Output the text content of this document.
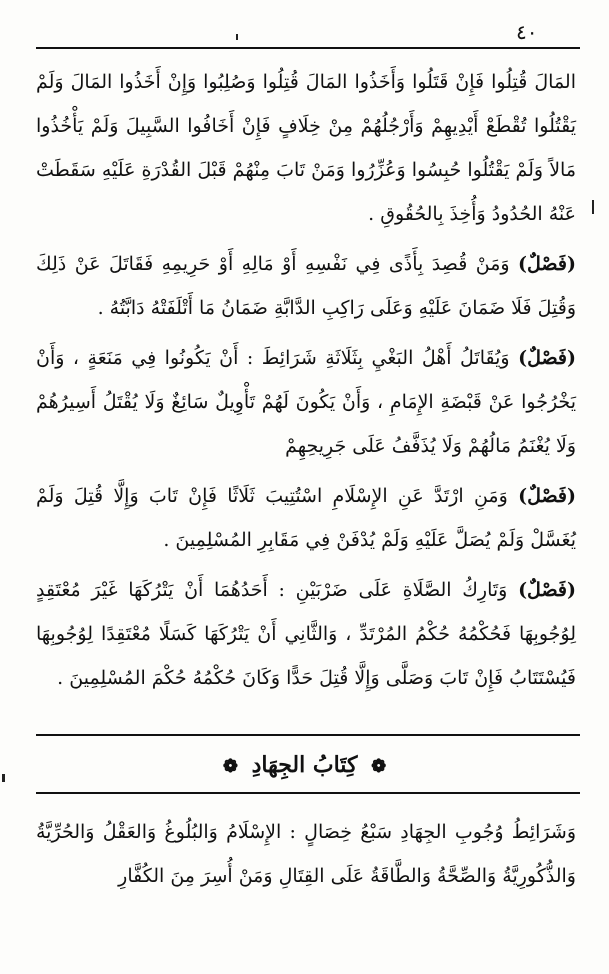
٤٠

المَالَ قُتِلُوا فَإِنْ قَتَلُوا وَأَخَذُوا المَالَ قُتِلُوا وَصُلِبُوا وَإِنْ أَخَذُوا المَالَ وَلَمْ يَقْتُلُوا تُقْطَعْ أَيْدِيهِمْ وَأَرْجُلُهُمْ مِنْ خِلَافٍ فَإِنْ أَخَافُوا السَّبِيلَ وَلَمْ يَأْخُذُوا مَالاً وَلَمْ يَقْتُلُوا حُبِسُوا وَعُزِّرُوا وَمَنْ تَابَ مِنْهُمْ قَبْلَ القُدْرَةِ عَلَيْهِ سَقَطَتْ عَنْهُ الحُدُودُ وَأُخِذَ بِالحُقُوقِ .

(فَصْلٌ) وَمَنْ قُصِدَ بِأَذًى فِي نَفْسِهِ أَوْ مَالِهِ أَوْ حَرِيمِهِ فَقَاتَلَ عَنْ ذَلِكَ وَقُتِلَ فَلَا ضَمَانَ عَلَيْهِ وَعَلَى رَاكِبِ الدَّابَّةِ ضَمَانُ مَا أَتْلَفَتْهُ دَابَّتُهُ .

(فَصْلٌ) وَيُقَاتَلُ أَهْلُ البَغْيِ بِثَلَاثَةِ شَرَائِطَ : أَنْ يَكُونُوا فِي مَنَعَةٍ ، وَأَنْ يَخْرُجُوا عَنْ قَبْضَةِ الإِمَامِ ، وَأَنْ يَكُونَ لَهُمْ تَأْوِيلٌ سَائِغٌ وَلَا يُقْتَلُ أَسِيرُهُمْ وَلَا يُغْنَمُ مَالُهُمْ وَلَا يُذَفَّفُ عَلَى جَرِيحِهِمْ

(فَصْلٌ) وَمَنِ ارْتَدَّ عَنِ الإِسْلَامِ اسْتُتِيبَ ثَلَاثًا فَإِنْ تَابَ وَإِلَّا قُتِلَ وَلَمْ يُغَسَّلْ وَلَمْ يُصَلَّ عَلَيْهِ وَلَمْ يُدْفَنْ فِي مَقَابِرِ المُسْلِمِينَ .

(فَصْلٌ) وَتَارِكُ الصَّلَاةِ عَلَى ضَرْبَيْنِ : أَحَدُهُمَا أَنْ يَتْرُكَهَا غَيْرَ مُعْتَقِدٍ لِوُجُوبِهَا فَحُكْمُهُ حُكْمُ المُرْتَدِّ ، وَالثَّانِي أَنْ يَتْرُكَهَا كَسَلًا مُعْتَقِدًا لِوُجُوبِهَا فَيُسْتَتَابُ فَإِنْ تَابَ وَصَلَّى وَإِلَّا قُتِلَ حَدًّا وَكَانَ حُكْمُهُ حُكْمَ المُسْلِمِينَ .

❁ كِتَابُ الجِهَادِ ❁

وَشَرَائِطُ وُجُوبِ الجِهَادِ سَبْعُ خِصَالٍ : الإِسْلَامُ وَالبُلُوغُ وَالعَقْلُ وَالحُرِّيَّةُ وَالذُّكُورِيَّةُ وَالصِّحَّةُ وَالطَّاقَةُ عَلَى القِتَالِ وَمَنْ أُسِرَ مِنَ الكُفَّارِ
